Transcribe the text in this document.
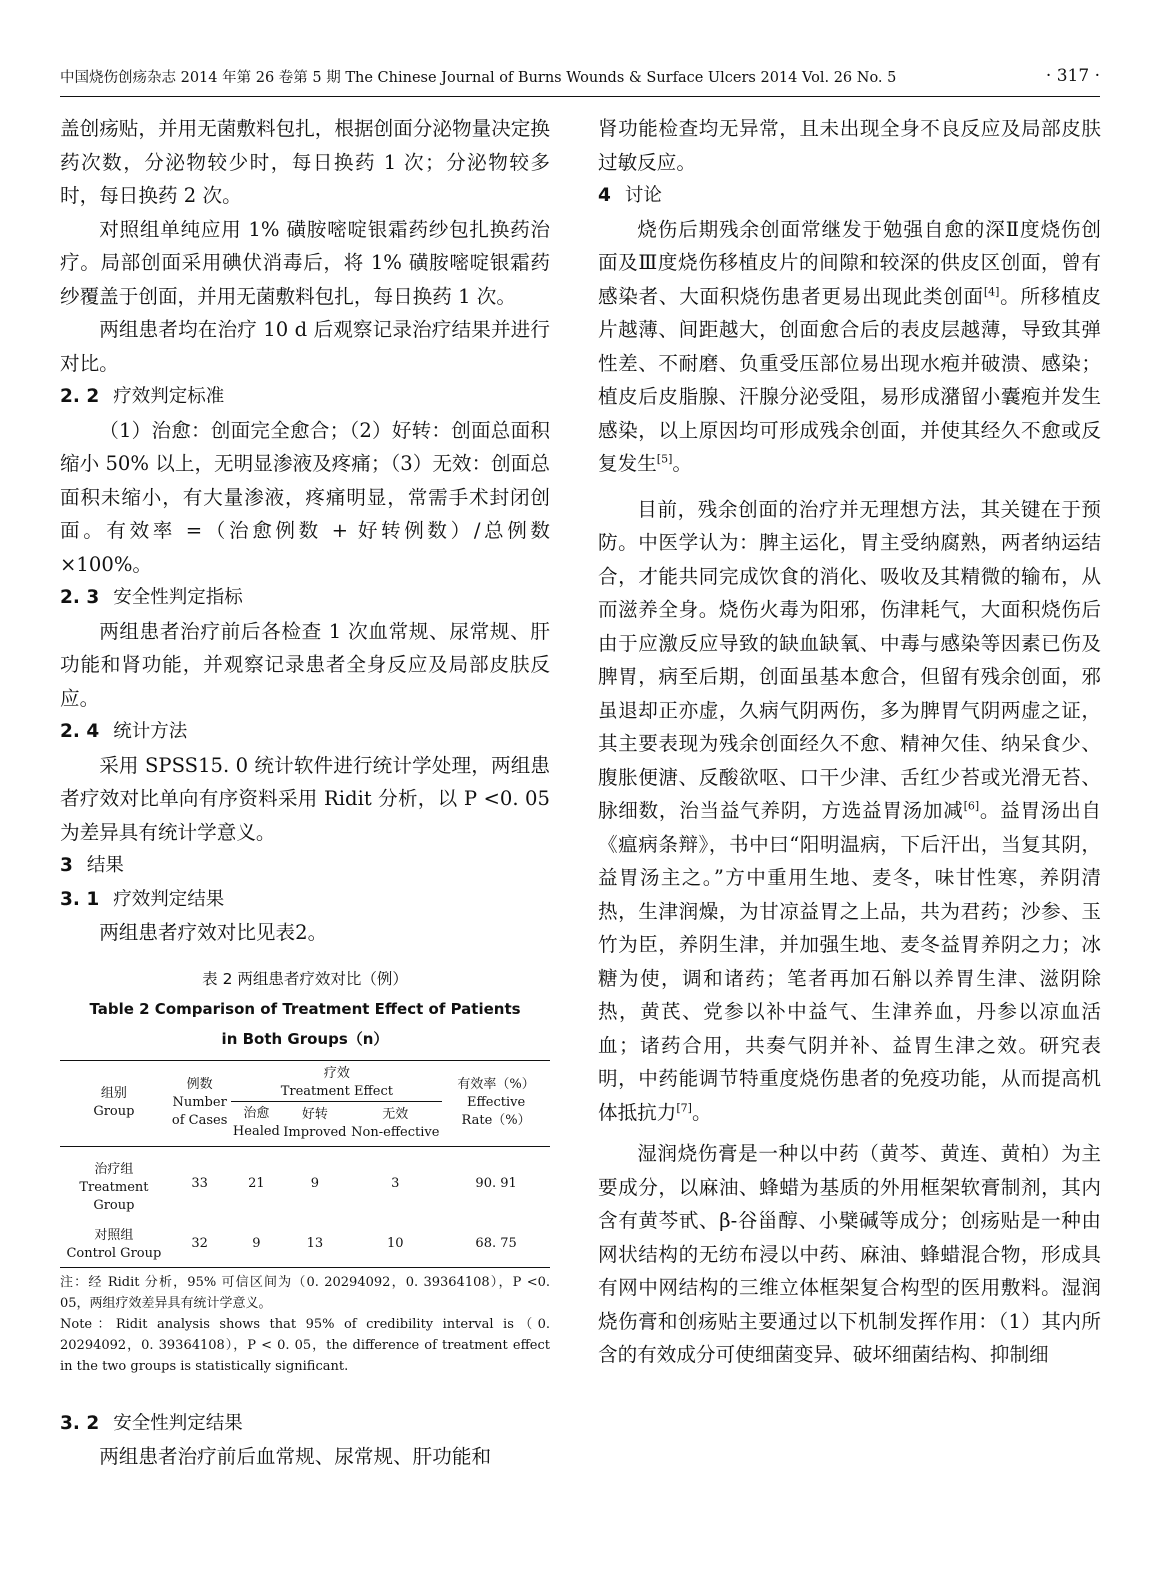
中国烧伤创疡杂志 2014 年第 26 卷第 5 期 The Chinese Journal of Burns Wounds & Surface Ulcers 2014 Vol. 26 No. 5	· 317 ·

盖创疡贴，并用无菌敷料包扎，根据创面分泌物量决定换药次数，分泌物较少时，每日换药 1 次；分泌物较多时，每日换药 2 次。

对照组单纯应用 1% 磺胺嘧啶银霜药纱包扎换药治疗。局部创面采用碘伏消毒后，将 1% 磺胺嘧啶银霜药纱覆盖于创面，并用无菌敷料包扎，每日换药 1 次。

两组患者均在治疗 10 d 后观察记录治疗结果并进行对比。

2. 2 疗效判定标准

（1）治愈：创面完全愈合；（2）好转：创面总面积缩小 50% 以上，无明显渗液及疼痛；（3）无效：创面总面积未缩小，有大量渗液，疼痛明显，常需手术封闭创面。有效率 =（治愈例数 + 好转例数）/总例数 ×100%。

2. 3 安全性判定指标

两组患者治疗前后各检查 1 次血常规、尿常规、肝功能和肾功能，并观察记录患者全身反应及局部皮肤反应。

2. 4 统计方法

采用 SPSS15. 0 统计软件进行统计学处理，两组患者疗效对比单向有序资料采用 Ridit 分析，以 P <0. 05 为差异具有统计学意义。

3 结果

3. 1 疗效判定结果

两组患者疗效对比见表2。

表 2 两组患者疗效对比（例）

Table 2 Comparison of Treatment Effect of Patients

in Both Groups（n）

组别
Group	例数
Number
of Cases	疗效
Treatment Effect			有效率（%）
Effective
Rate（%）
		治愈
Healed	好转
Improved	无效
Non-effective	
治疗组
Treatment Group	33	21	9	3	90. 91
对照组
Control Group	32	9	13	10	68. 75

注：经 Ridit 分析，95% 可信区间为（0. 20294092，0. 39364108），P <0. 05，两组疗效差异具有统计学意义。

Note：Ridit analysis shows that 95% of credibility interval is（0. 20294092，0. 39364108），P < 0. 05，the difference of treatment effect in the two groups is statistically significant.

3. 2 安全性判定结果

两组患者治疗前后血常规、尿常规、肝功能和

肾功能检查均无异常，且未出现全身不良反应及局部皮肤过敏反应。

4 讨论

烧伤后期残余创面常继发于勉强自愈的深Ⅱ度烧伤创面及Ⅲ度烧伤移植皮片的间隙和较深的供皮区创面，曾有感染者、大面积烧伤患者更易出现此类创面[4]。所移植皮片越薄、间距越大，创面愈合后的表皮层越薄，导致其弹性差、不耐磨、负重受压部位易出现水疱并破溃、感染；植皮后皮脂腺、汗腺分泌受阻，易形成潴留小囊疱并发生感染，以上原因均可形成残余创面，并使其经久不愈或反复发生[5]。

目前，残余创面的治疗并无理想方法，其关键在于预防。中医学认为：脾主运化，胃主受纳腐熟，两者纳运结合，才能共同完成饮食的消化、吸收及其精微的输布，从而滋养全身。烧伤火毒为阳邪，伤津耗气，大面积烧伤后由于应激反应导致的缺血缺氧、中毒与感染等因素已伤及脾胃，病至后期，创面虽基本愈合，但留有残余创面，邪虽退却正亦虚，久病气阴两伤，多为脾胃气阴两虚之证，其主要表现为残余创面经久不愈、精神欠佳、纳呆食少、腹胀便溏、反酸欲呕、口干少津、舌红少苔或光滑无苔、脉细数，治当益气养阴，方选益胃汤加减[6]。益胃汤出自《瘟病条辩》，书中曰“阳明温病，下后汗出，当复其阴，益胃汤主之。”方中重用生地、麦冬，味甘性寒，养阴清热，生津润燥，为甘凉益胃之上品，共为君药；沙参、玉竹为臣，养阴生津，并加强生地、麦冬益胃养阴之力；冰糖为使，调和诸药；笔者再加石斛以养胃生津、滋阴除热，黄芪、党参以补中益气、生津养血，丹参以凉血活血；诸药合用，共奏气阴并补、益胃生津之效。研究表明，中药能调节特重度烧伤患者的免疫功能，从而提高机体抵抗力[7]。

湿润烧伤膏是一种以中药（黄芩、黄连、黄柏）为主要成分，以麻油、蜂蜡为基质的外用框架软膏制剂，其内含有黄芩甙、β-谷甾醇、小檗碱等成分；创疡贴是一种由网状结构的无纺布浸以中药、麻油、蜂蜡混合物，形成具有网中网结构的三维立体框架复合构型的医用敷料。湿润烧伤膏和创疡贴主要通过以下机制发挥作用：（1）其内所含的有效成分可使细菌变异、破坏细菌结构、抑制细
